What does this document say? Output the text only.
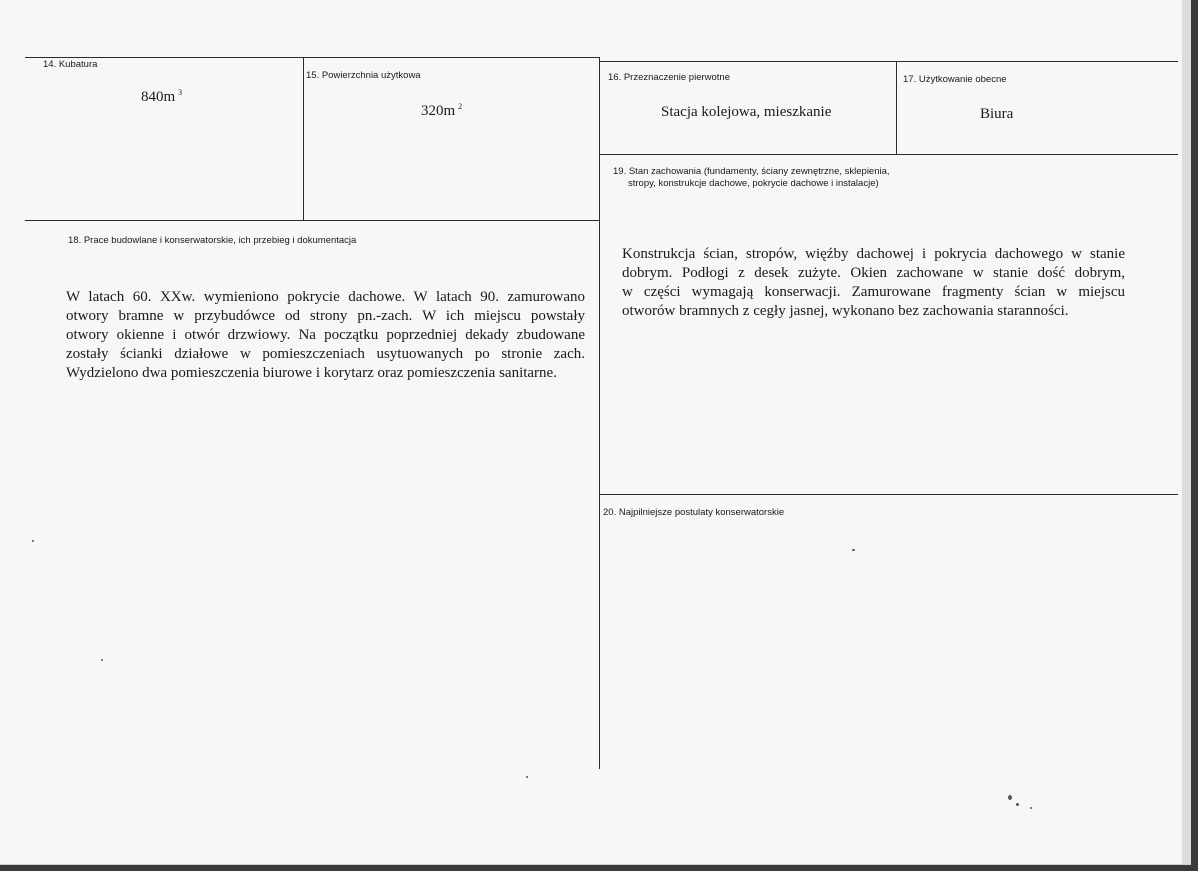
14. Kubatura
840m $^3$
15. Powierzchnia użytkowa
320m $^2$
16. Przeznaczenie pierwotne
Stacja kolejowa, mieszkanie
17. Użytkowanie obecne
Biura
18. Prace budowlane i konserwatorskie, ich przebieg i dokumentacja
W latach 60. XXw. wymieniono pokrycie dachowe. W latach 90. zamurowano
otwory bramne w przybudówce od strony pn.-zach. W ich miejscu powstały
otwory okienne i otwór drzwiowy. Na początku poprzedniej dekady zbudowane
zostały ścianki działowe w pomieszczeniach usytuowanych po stronie zach.
Wydzielono dwa pomieszczenia biurowe i korytarz oraz pomieszczenia sanitarne.
19. Stan zachowania (fundamenty, ściany zewnętrzne, sklepienia,
stropy, konstrukcje dachowe, pokrycie dachowe i instalacje)
Konstrukcja ścian, stropów, więźby dachowej i pokrycia dachowego w stanie
dobrym. Podłogi z desek zużyte. Okien zachowane w stanie dość dobrym,
w części wymagają konserwacji. Zamurowane fragmenty ścian w miejscu
otworów bramnych z cegły jasnej, wykonano bez zachowania staranności.
20. Najpilniejsze postulaty konserwatorskie
